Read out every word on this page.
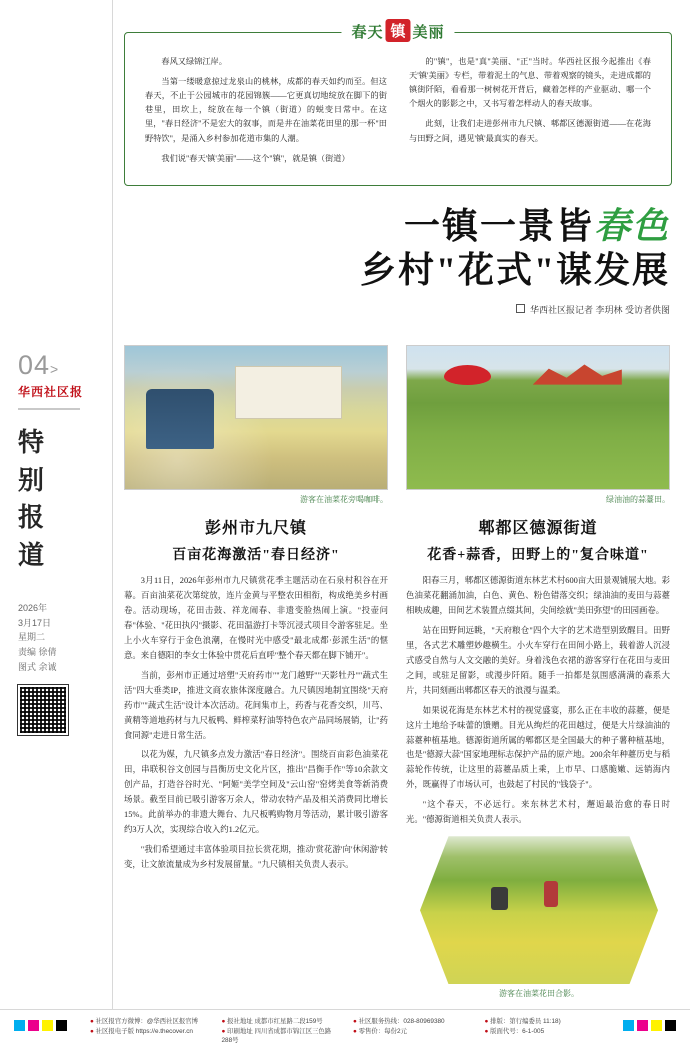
04>
华西社区报
特
别
报
道
2026年
3月17日
星期二
责编 徐倩
图式 余诚
春天 镇 美丽

春风又绿锦江岸。

当第一缕暖意掠过龙泉山的桃林，成都的春天如约而至。但这春天，不止于公园城市的花园锦簇——它更真切地绽放在脚下的街巷里，田坎上，绽放在每一个镇（街道）的蜕变日常中。在这里，"春日经济"不是宏大的叙事，而是井在油菜花田里的那一杯"田野特饮"，是涌入乡村参加花道市集的人潮。

我们说"春天'镇'美丽"——这个"镇"，就是镇（街道）

的"镇"，也是"真"美丽、"正"当时。华西社区报今起推出《春天'镇'美丽》专栏，带着泥土的气息、带着观察的镜头，走进成都的镇街阡陌，看看那一树树花开背后，藏着怎样的产业驱动、哪一个个烟火的影影之中，又书写着怎样动人的春天故事。

此刻，让我们走进彭州市九尺镇、郫都区德源街道——在花海与田野之间，遇见'镇'最真实的春天。

一镇一景皆春色
乡村"花式"谋发展
华西社区报记者 李玥林 受访者供图
游客在油菜花旁喝咖啡。
彭州市九尺镇
百亩花海激活"春日经济"

3月11日，2026年彭州市九尺镇赏花季主题活动在石泉村积谷在开幕。百亩油菜花次第绽放，连片金黄与平整农田相衔，构成绝美乡村画卷。活动现场，花田击鼓、祥龙闹春、非遗变脸热闹上演。"投壶问春"体验、"花田执闪"摄影、花田温游打卡等沉浸式项目令游客驻足。坐上小火车穿行于金色浪潮，在慢时光中感受"最北成都·彭派生活"的惬意。来自德阳的李女士体验中贯花后直呼"整个春天都在脚下铺开"。

当前，彭州市正通过培塑"天府药市""龙门越野""天影牡丹""蔬式生活"四大垂类IP，推进文商农旅体深度融合。九尺镇因地制宜围绕"天府药市""蔬式生活"设计本次活动。花间集市上，药香与花香交织，川芎、黄精等道地药材与九尺板鸭、鲜榨菜籽油等特色农产品同场展销，让"药食同源"走进日常生活。

以花为媒，九尺镇多点发力激活"春日经济"。围绕百亩彩色油菜花田，串联积谷文创园与昌衡历史文化片区，推出"昌衡手作"等10余款文创产品，打造谷谷时光、"阿姬"美学空间及"云山窑"窑烤美食等新消费场景。截至目前已吸引游客万余人，带动农特产品及相关消费同比增长15%。此前举办的非遗大舞台、九尺板鸭购物月等活动，累计吸引游客约3万人次，实现综合收入约1.2亿元。

"我们希望通过丰富体验项目拉长赏花期，推动'赏花游'向'休闲游'转变，让文旅流量成为乡村发展留量。"九尺镇相关负责人表示。

绿油油的蒜薹田。
郫都区德源街道
花香+蒜香，田野上的"复合味道"

阳春三月，郫都区德源街道东林艺术村600亩大田景观铺展大地。彩色油菜花翻涌加油，白色、黄色、粉色错落交织；绿油油的麦田与蒜薹相映成趣，田间艺术装置点缀其间，尖间绘就"美田弥望"的田园画卷。

站在田野间远眺，"天府粮仓"四个大字的艺术造型别致醒目。田野里，各式艺术雕塑妙趣横生。小火车穿行在田间小路上，载着游人沉浸式感受自然与人文交融的美好。身着浅色衣裙的游客穿行在花田与麦田之间，或驻足留影，或漫步阡陌。随手一拍都是氛围感满满的森系大片，共同刻画出郫都区春天的浪漫与温柔。

如果说花海是东林艺术村的视觉盛宴，那么正在丰收的蒜薹，便是这片土地给予味蕾的馈赠。目光从绚烂的花田越过，便是大片绿油油的蒜薹种植基地。德源街道所属的郫都区是全国最大的种子薯种植基地，也是"德源大蒜"国家地理标志保护产品的原产地。200余年种薹历史与稻蒜轮作传统，让这里的蒜薹品质上乘，上市早、口感脆嫩、远销海内外，既赢得了市场认可，也鼓起了村民的"钱袋子"。

"这个春天，不必远行。来东林艺术村，邂逅最治愈的春日时光。"德源街道相关负责人表示。

游客在油菜花田合影。
● 社区报官方微博：@华西社区报官博
● 社区报电子版 https://e.thecover.cn
● 报社地址 成都市红星路二段159号
● 印刷地址 四川省成都市锦江区三色路288号
● 社区服务热线：028-80969380
● 零售价：每份2元
● 排版：第行编委员 11:18)
● 版面代号：6-1-005
